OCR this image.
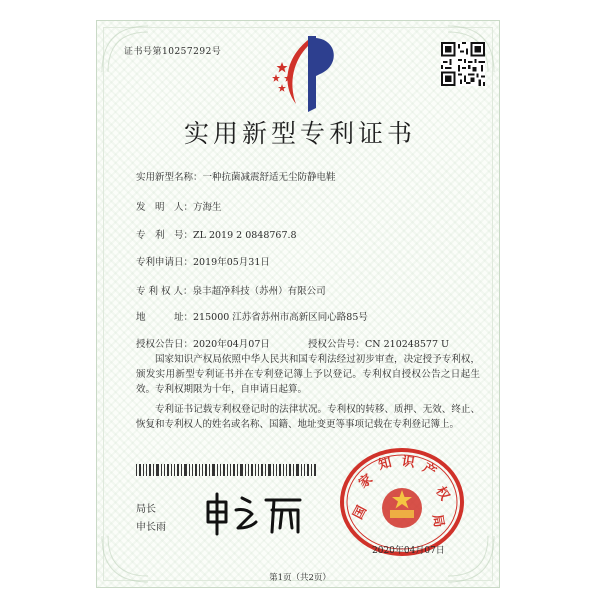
证书号第10257292号
实用新型专利证书
实用新型名称：一种抗菌减震舒适无尘防静电鞋
发　明　人：方海生
专　利　号：ZL 2019 2 0848767.8
专利申请日：2019年05月31日
专 利 权 人：泉丰超净科技（苏州）有限公司
地　　　址：215000 江苏省苏州市高新区同心路85号
授权公告日：2020年04月07日	授权公告号：CN 210248577 U
国家知识产权局依照中华人民共和国专利法经过初步审查，决定授予专利权，颁发实用新型专利证书并在专利登记簿上予以登记。专利权自授权公告之日起生效。专利权期限为十年，自申请日起算。
专利证书记载专利权登记时的法律状况。专利权的转移、质押、无效、终止、恢复和专利权人的姓名或名称、国籍、地址变更等事项记载在专利登记簿上。
局长
申长雨
国
家
知 识 产
权
局
2020年04月07日
第1页（共2页）
